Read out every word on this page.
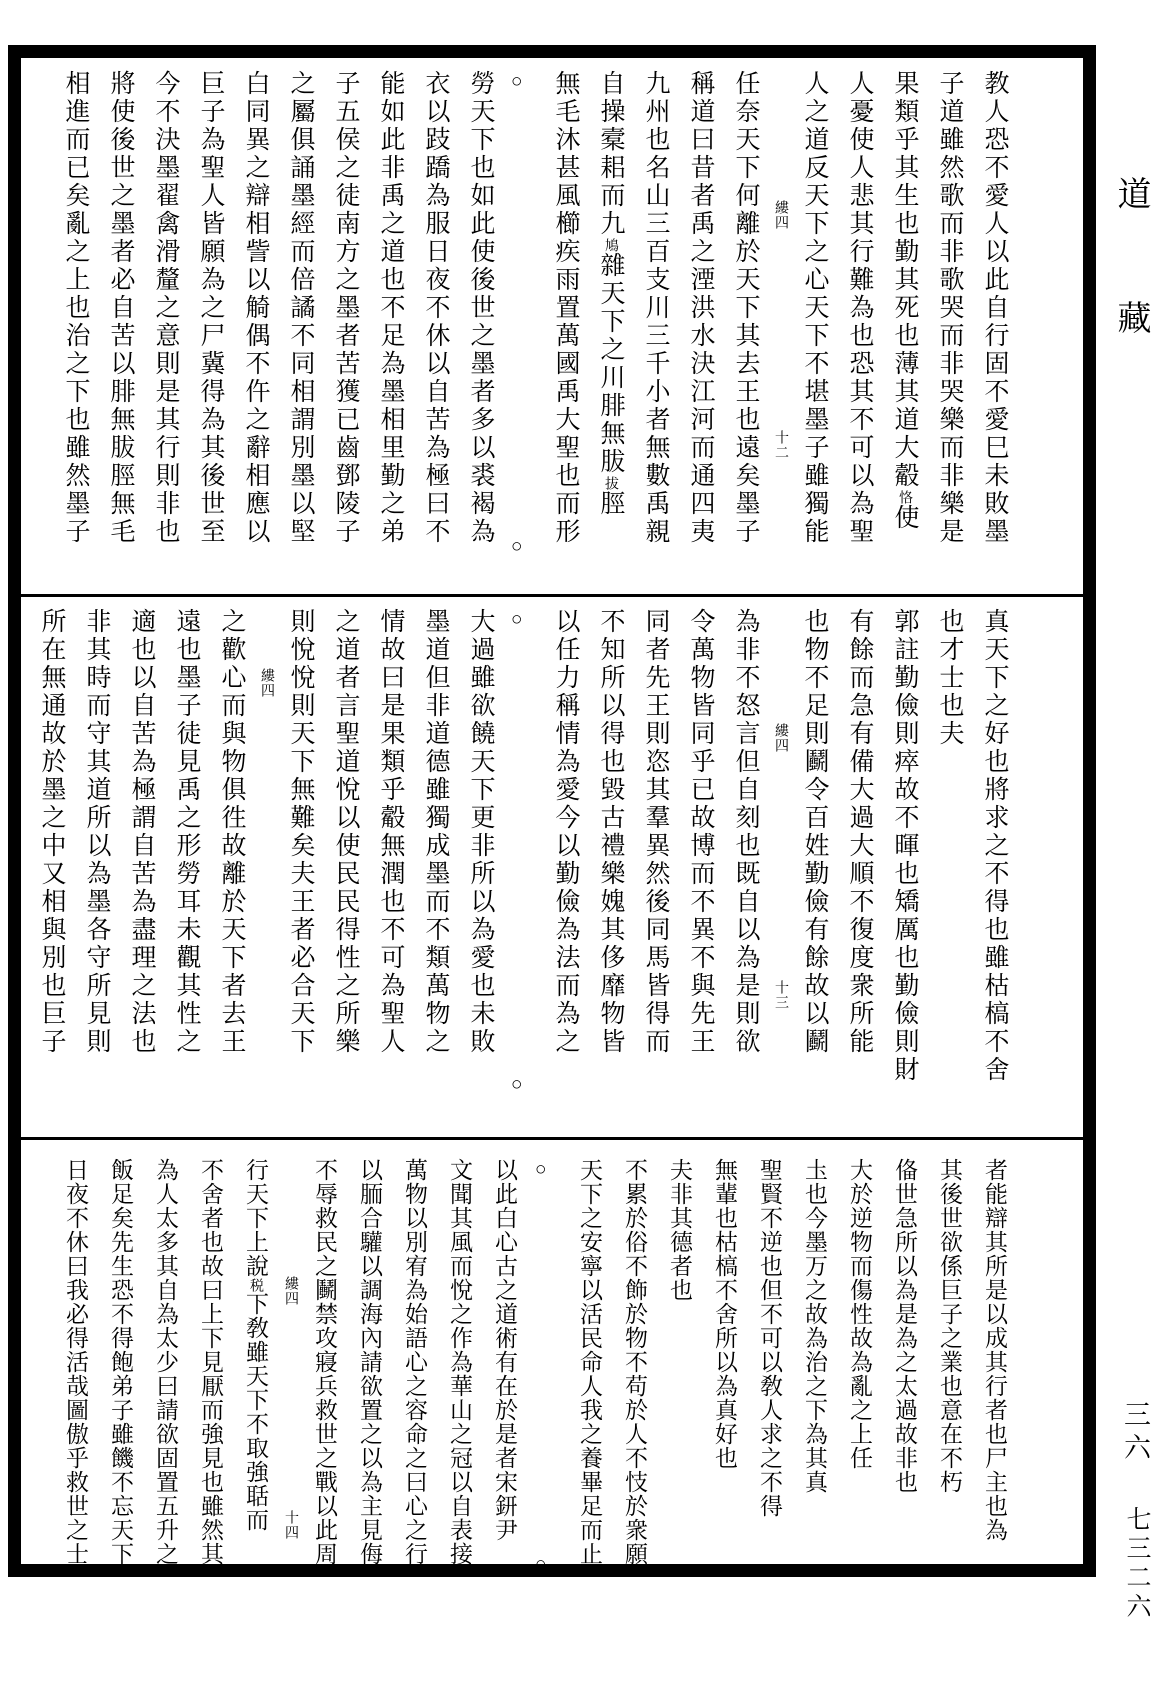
教人恐不愛人以此自行固不愛巳未敗墨
子道雖然歌而非歌哭而非哭樂而非樂是
果類乎其生也勤其死也薄其道大觳恪使
人憂使人悲其行難為也恐其不可以為聖
人之道反天下之心天下不堪墨子雖獨能
縷四
十二
任奈天下何離於天下其去王也遠矣墨子
稱道曰昔者禹之湮洪水決江河而通四夷
九州也名山三百支川三千小者無數禹親
自操槖耜而九鳩雜天下之川腓無胈拔脛
無毛沐甚風櫛疾雨置萬國禹大聖也而形
○
○
勞天下也如此使後世之墨者多以裘褐為
衣以跂蹻為服日夜不休以自苦為極曰不
能如此非禹之道也不足為墨相里勤之弟
子五侯之徒南方之墨者苦獲已齒鄧陵子
之屬俱誦墨經而倍譎不同相謂別墨以堅
白同異之辯相訾以觭偶不仵之辭相應以
巨子為聖人皆願為之尸冀得為其後世至
今不決墨翟禽滑釐之意則是其行則非也
將使後世之墨者必自苦以腓無胈脛無毛
相進而已矣亂之上也治之下也雖然墨子
真天下之好也將求之不得也雖枯槁不舍
也才士也夫
郭註勤儉則瘁故不暉也矯厲也勤儉則財
有餘而急有備大過大順不復度衆所能
也物不足則鬬令百姓勤儉有餘故以鬬
縷四
十三
為非不怒言但自刻也既自以為是則欲
令萬物皆同乎已故博而不異不與先王
同者先王則恣其羣異然後同馬皆得而
不知所以得也毀古禮樂媿其侈靡物皆
以任力稱情為愛今以勤儉為法而為之
○
○
大過雖欲饒天下更非所以為愛也未敗
墨道但非道德雖獨成墨而不類萬物之
情故曰是果類乎觳無潤也不可為聖人
之道者言聖道悅以使民民得性之所樂
則悅悅則天下無難矣夫王者必合天下
縷四
之歡心而與物俱徃故離於天下者去王
遠也墨子徒見禹之形勞耳未觀其性之
適也以自苦為極謂自苦為盡理之法也
非其時而守其道所以為墨各守所見則
所在無通故於墨之中又相與別也巨子
者能辯其所是以成其行者也尸主也為
其後世欲係巨子之業也意在不朽
俻世急所以為是為之太過故非也
大於逆物而傷性故為亂之上任
圡也今墨万之故為治之下為其真
聖賢不逆也但不可以敎人求之不得
無輩也枯槁不舍所以為真好也
夫非其德者也
不累於俗不飾於物不苟於人不忮於衆願
天下之安寧以活民命人我之養畢足而止
○
○
以此白心古之道術有在於是者宋鈃尹
文聞其風而悅之作為華山之冠以自表接
萬物以別宥為始語心之容命之曰心之行
以胹合驩以調海內請欲置之以為主見侮
不辱救民之鬭禁攻寢兵救世之戰以此周
縷四
十四
行天下上說税下敎雖天下不取強聒而
不舍者也故曰上下見厭而強見也雖然其
為人太多其自為太少曰請欲固置五升之
飯足矣先生恐不得飽弟子雖饑不忘天下
日夜不休曰我必得活哉圖傲乎救世之士
道
藏
三六
七三二六
